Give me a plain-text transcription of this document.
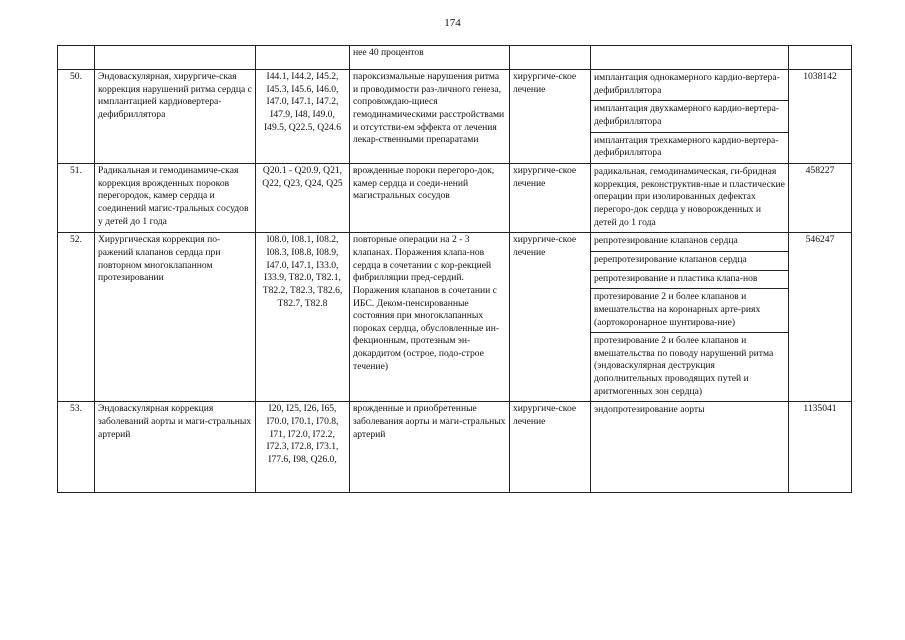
174
			нее 40 процентов			
50.	Эндоваскулярная, хирургиче-ская коррекция нарушений ритма сердца с имплантацией кардиовертера-дефибриллятора	I44.1, I44.2, I45.2, I45.3, I45.6, I46.0, I47.0, I47.1, I47.2, I47.9, I48, I49.0, I49.5, Q22.5, Q24.6	пароксизмальные нарушения ритма и проводимости раз-личного генеза, сопровождаю-щиеся гемодинамическими расстройствами и отсутстви-ем эффекта от лечения лекар-ственными препаратами	хирургиче-ское лечение	имплантация однокамерного кардио-вертера-дефибриллятора	1038142
					имплантация двухкамерного кардио-вертера-дефибриллятора	
					имплантация трехкамерного кардио-вертера-дефибриллятора	
51.	Радикальная и гемодинамиче-ская коррекция врожденных пороков перегородок, камер сердца и соединений магис-тральных сосудов у детей до 1 года	Q20.1 - Q20.9, Q21, Q22, Q23, Q24, Q25	врожденные пороки перегоро-док, камер сердца и соеди-нений магистральных сосудов	хирургиче-ское лечение	радикальная, гемодинамическая, ги-бридная коррекция, реконструктив-ные и пластические операции при изолированных дефектах перегоро-док сердца у новорожденных и детей до 1 года	458227
52.	Хирургическая коррекция по-ражений клапанов сердца при повторном многоклапанном протезировании	I08.0, I08.1, I08.2, I08.3, I08.8, I08.9, I47.0, I47.1, I33.0, I33.9, T82.0, T82.1, T82.2, T82.3, T82.6, T82.7, T82.8	повторные операции на 2 - 3 клапанах. Поражения клапа-нов сердца в сочетании с кор-рекцией фибрилляции пред-сердий. Поражения клапанов в сочетании с ИБС. Деком-пенсированные состояния при многоклапанных пороках сердца, обусловленные ин-фекционным, протезным эн-докардитом (острое, подо-строе течение)	хирургиче-ское лечение	репротезирование клапанов сердца	546247
					ререпротезирование клапанов сердца	
					репротезирование и пластика клапа-нов	
					протезирование 2 и более клапанов и вмешательства на коронарных арте-риях (аортокоронарное шунтирова-ние)	
					протезирование 2 и более клапанов и вмешательства по поводу нарушений ритма (эндоваскулярная деструкция дополнительных проводящих путей и аритмогенных зон сердца)	
53.	Эндоваскулярная коррекция заболеваний аорты и маги-стральных артерий	I20, I25, I26, I65, I70.0, I70.1, I70.8, I71, I72.0, I72.2, I72.3, I72.8, I73.1, I77.6, I98, Q26.0,	врожденные и приобретенные заболевания аорты и маги-стральных артерий	хирургиче-ское лечение	эндопротезирование аорты	1135041
